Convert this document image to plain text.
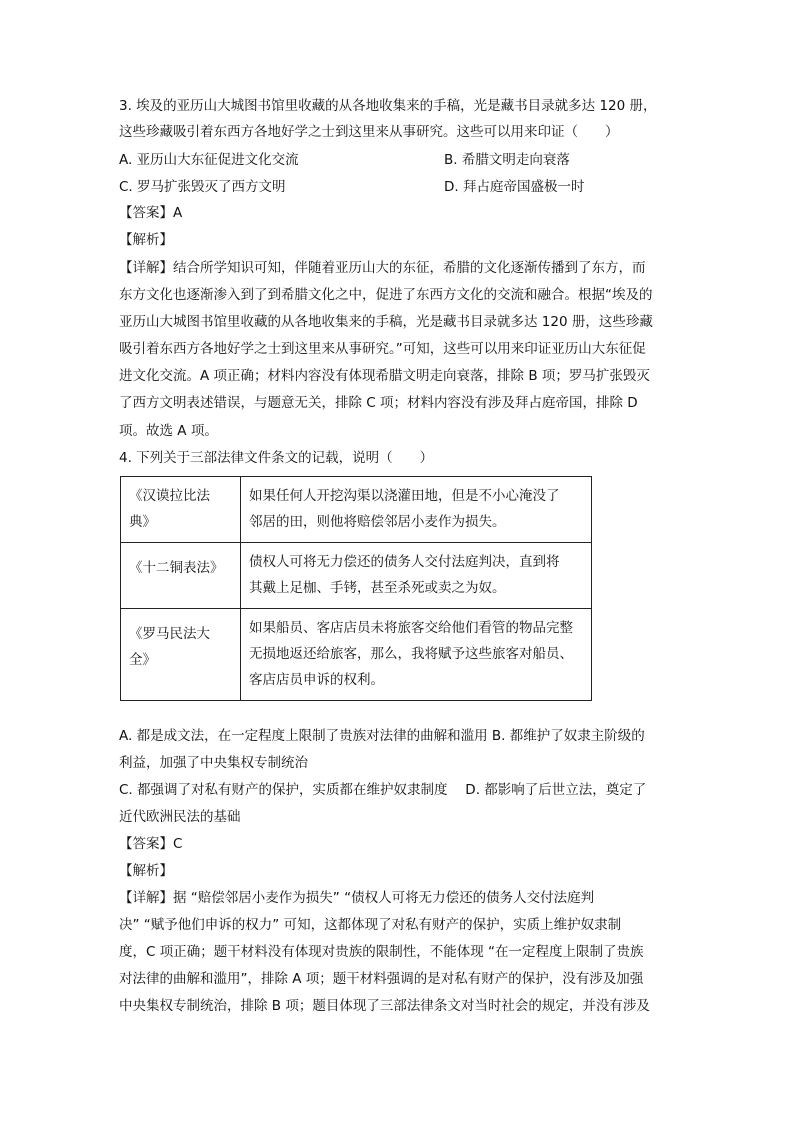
3. 埃及的亚历山大城图书馆里收藏的从各地收集来的手稿，光是藏书目录就多达 120 册，
这些珍藏吸引着东西方各地好学之士到这里来从事研究。这些可以用来印证（　　）
A. 亚历山大东征促进文化交流	B. 希腊文明走向衰落
C. 罗马扩张毁灭了西方文明	D. 拜占庭帝国盛极一时
【答案】A
【解析】
【详解】结合所学知识可知，伴随着亚历山大的东征，希腊的文化逐渐传播到了东方，而
东方文化也逐渐渗入到了到希腊文化之中，促进了东西方文化的交流和融合。根据“埃及的
亚历山大城图书馆里收藏的从各地收集来的手稿，光是藏书目录就多达 120 册，这些珍藏
吸引着东西方各地好学之士到这里来从事研究。”可知，这些可以用来印证亚历山大东征促
进文化交流。A 项正确；材料内容没有体现希腊文明走向衰落，排除 B 项；罗马扩张毁灭
了西方文明表述错误，与题意无关，排除 C 项；材料内容没有涉及拜占庭帝国，排除 D
项。故选 A 项。
4. 下列关于三部法律文件条文的记载，说明（　　）
《汉谟拉比法
典》	如果任何人开挖沟渠以浇灌田地，但是不小心淹没了
邻居的田，则他将赔偿邻居小麦作为损失。

《十二铜表法》	债权人可将无力偿还的债务人交付法庭判决，直到将
其戴上足枷、手铐，甚至杀死或卖之为奴。

《罗马民法大
全》	如果船员、客店店员未将旅客交给他们看管的物品完整
无损地返还给旅客，那么，我将赋予这些旅客对船员、
客店店员申诉的权利。
A. 都是成文法，在一定程度上限制了贵族对法律的曲解和滥用 B. 都维护了奴隶主阶级的
利益，加强了中央集权专制统治
C. 都强调了对私有财产的保护，实质都在维护奴隶制度　 D. 都影响了后世立法，奠定了
近代欧洲民法的基础
【答案】C
【解析】
【详解】据 “赔偿邻居小麦作为损失” “债权人可将无力偿还的债务人交付法庭判
决” “赋予他们申诉的权力” 可知，这都体现了对私有财产的保护，实质上维护奴隶制
度，C 项正确；题干材料没有体现对贵族的限制性，不能体现 “在一定程度上限制了贵族
对法律的曲解和滥用”，排除 A 项；题干材料强调的是对私有财产的保护，没有涉及加强
中央集权专制统治，排除 B 项；题目体现了三部法律条文对当时社会的规定，并没有涉及
